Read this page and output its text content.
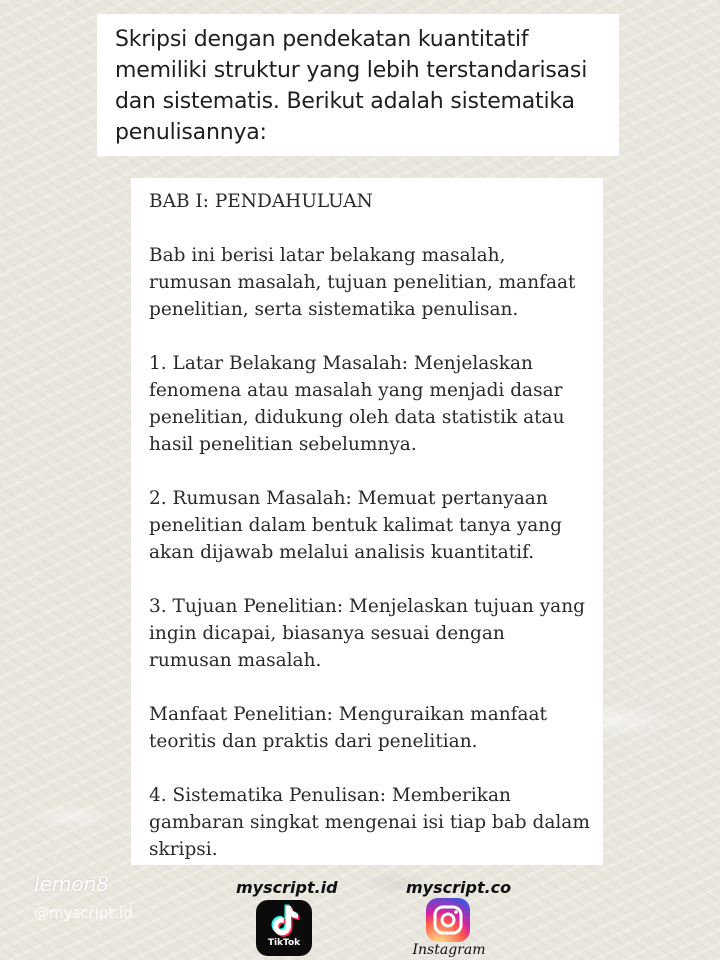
Skripsi dengan pendekatan kuantitatif memiliki struktur yang lebih terstandarisasi dan sistematis. Berikut adalah sistematika penulisannya:

BAB I: PENDAHULUAN

Bab ini berisi latar belakang masalah, rumusan masalah, tujuan penelitian, manfaat penelitian, serta sistematika penulisan.

1. Latar Belakang Masalah: Menjelaskan fenomena atau masalah yang menjadi dasar penelitian, didukung oleh data statistik atau hasil penelitian sebelumnya.

2. Rumusan Masalah: Memuat pertanyaan penelitian dalam bentuk kalimat tanya yang akan dijawab melalui analisis kuantitatif.

3. Tujuan Penelitian: Menjelaskan tujuan yang ingin dicapai, biasanya sesuai dengan rumusan masalah.

Manfaat Penelitian: Menguraikan manfaat teoritis dan praktis dari penelitian.

4. Sistematika Penulisan: Memberikan gambaran singkat mengenai isi tiap bab dalam skripsi.

lemon8
@myscript.id
myscript.id
TikTok
myscript.co
Instagram
